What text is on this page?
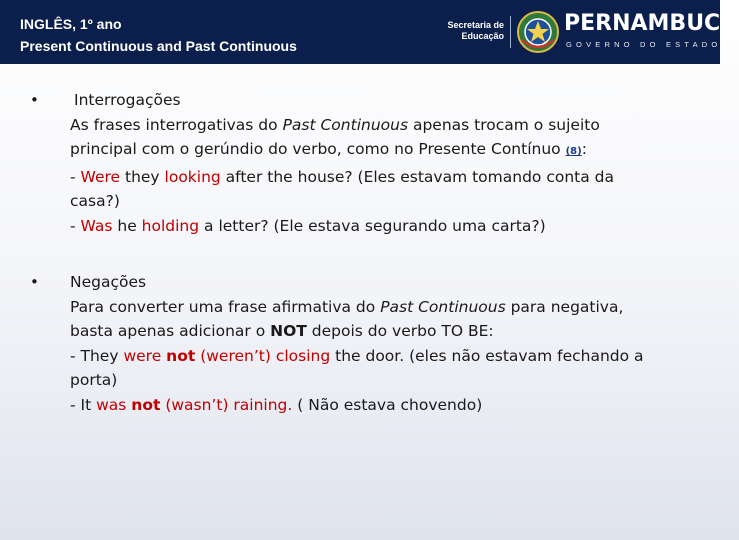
INGLÊS, 1º ano
Present Continuous and Past Continuous
Secretaria de
Educação	PERNAMBUCO
GOVERNO DO ESTADO
• Interrogações
As frases interrogativas do Past Continuous apenas trocam o sujeito
principal com o gerúndio do verbo, como no Presente Contínuo (8):
- Were they looking after the house? (Eles estavam tomando conta da
casa?)
- Was he holding a letter? (Ele estava segurando uma carta?)
• Negações
Para converter uma frase afirmativa do Past Continuous para negativa,
basta apenas adicionar o NOT depois do verbo TO BE:
- They were not (weren’t) closing the door. (eles não estavam fechando a
porta)
- It was not (wasn’t) raining. ( Não estava chovendo)
